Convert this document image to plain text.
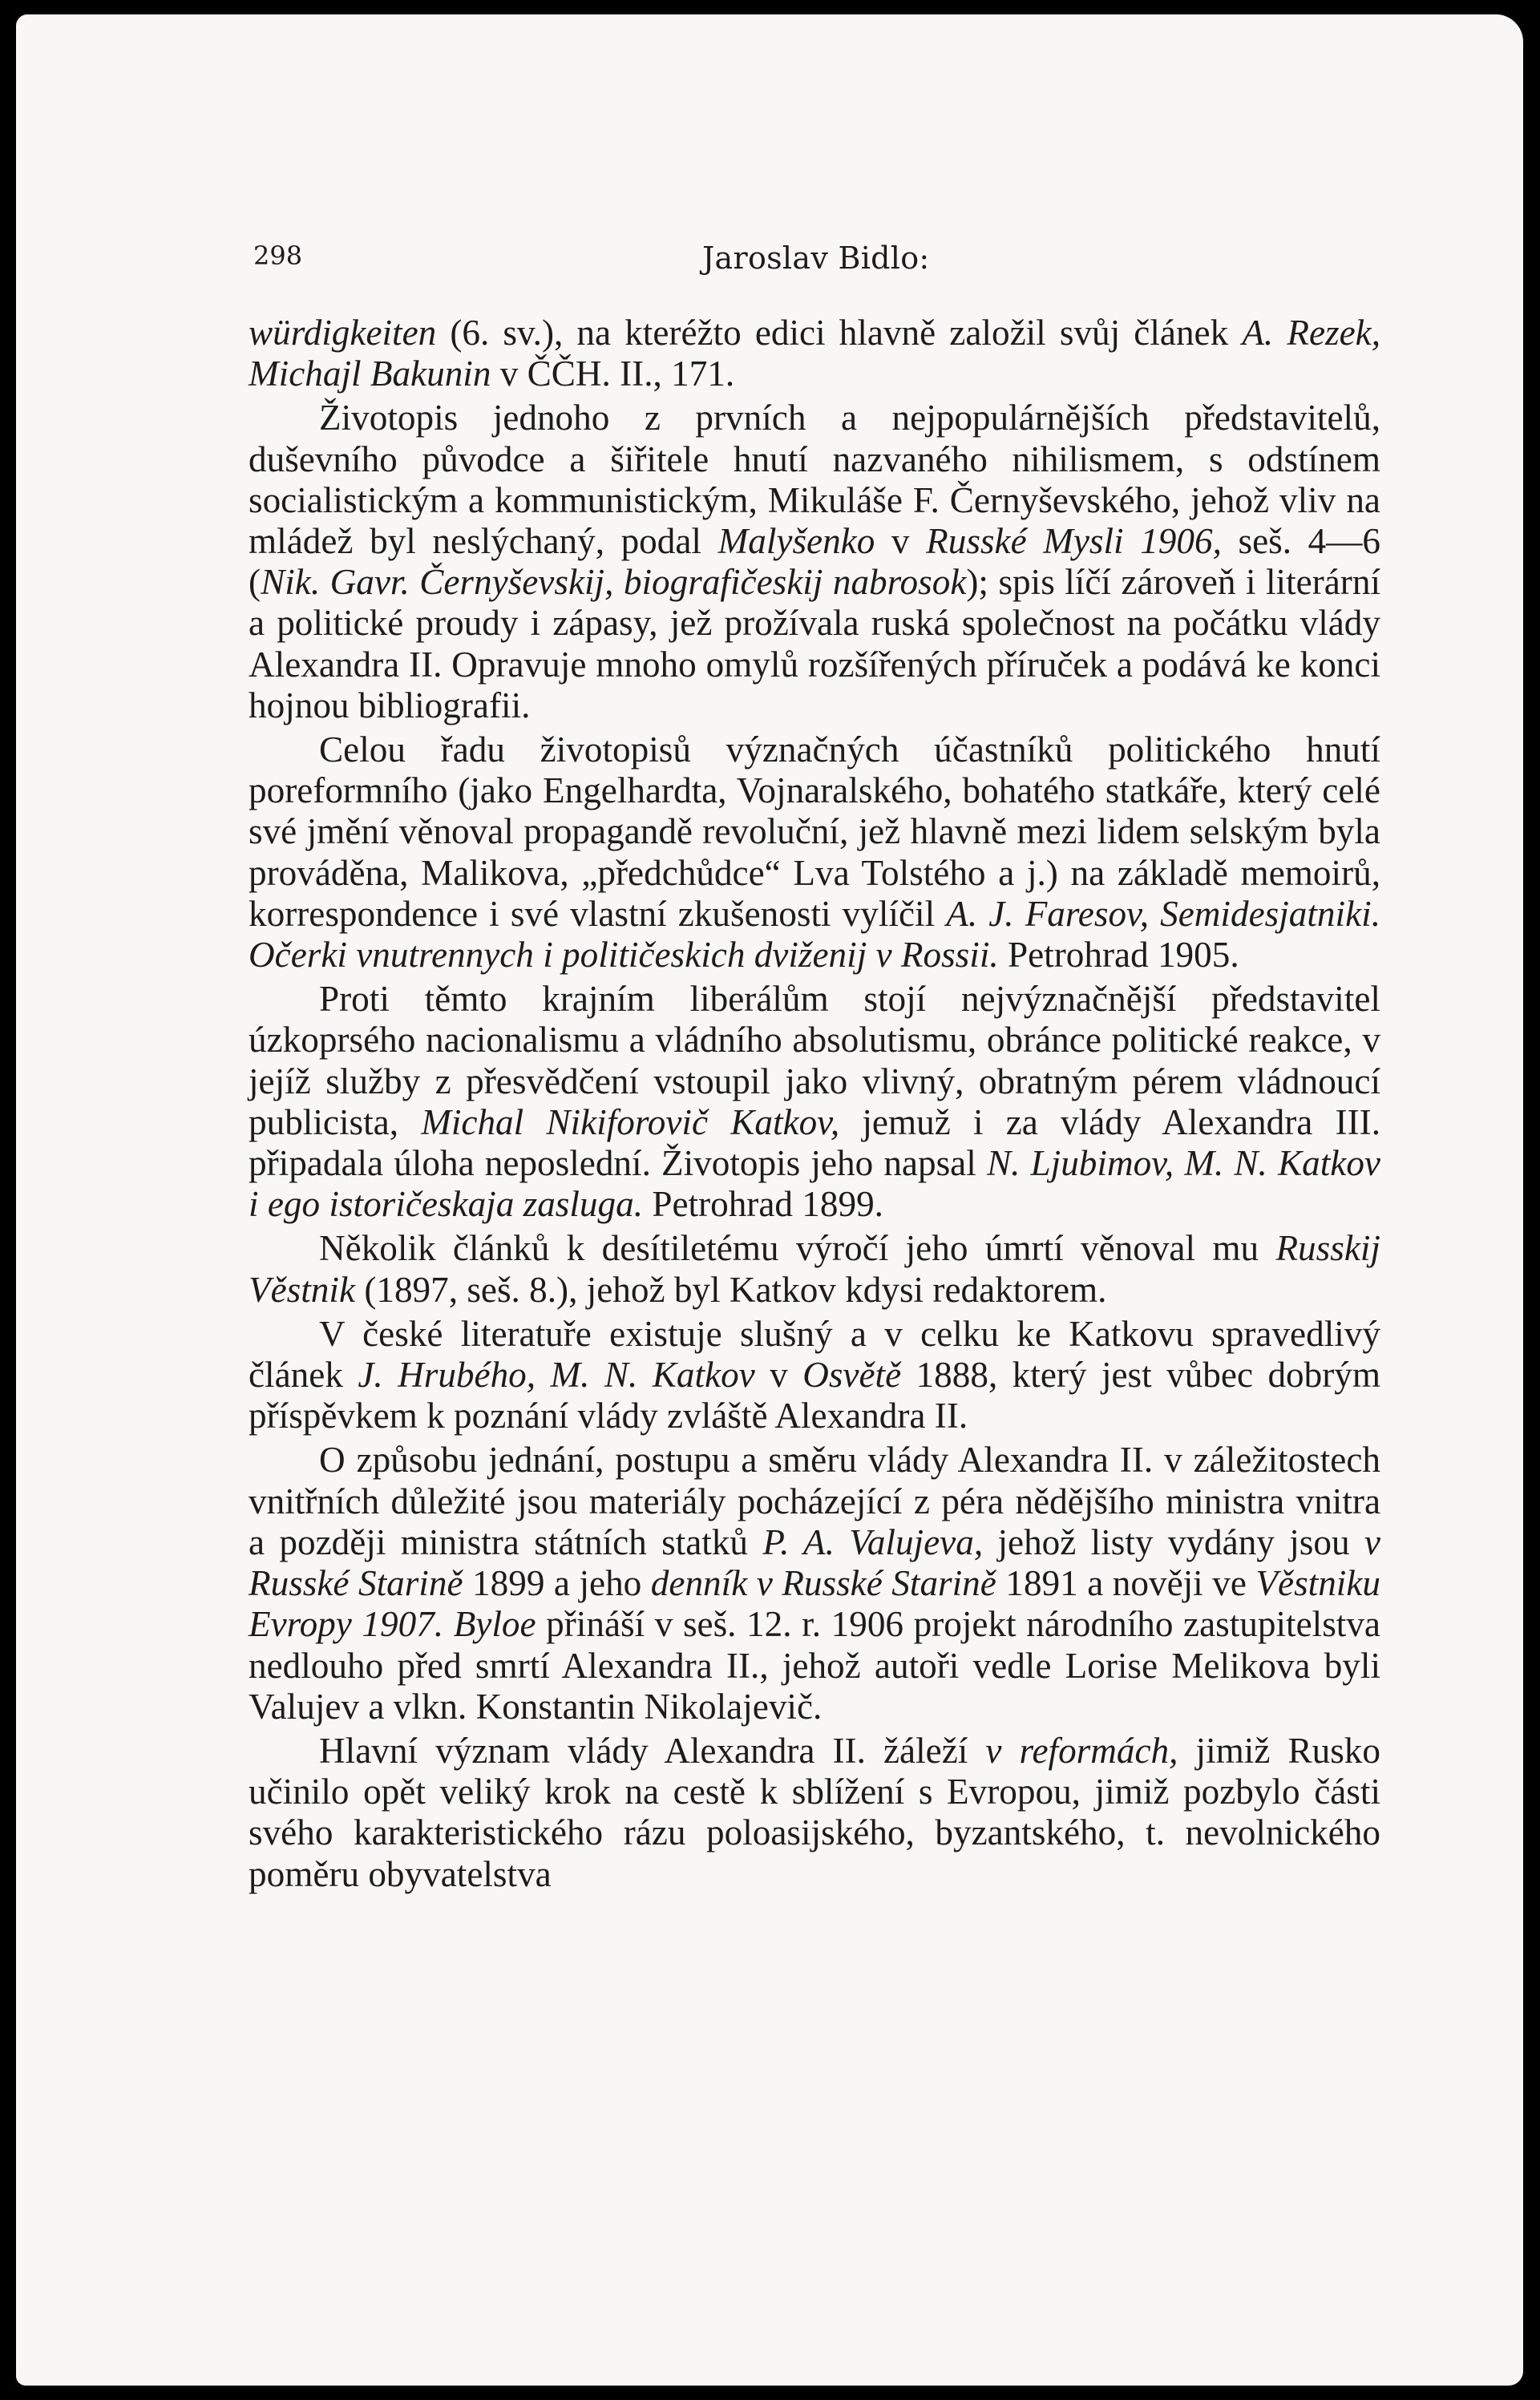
298	Jaroslav Bidlo:

würdigkeiten (6. sv.), na kteréžto edici hlavně založil svůj článek A. Rezek, Michajl Bakunin v ČČH. II., 171.

Životopis jednoho z prvních a nejpopulárnějších představitelů, duševního původce a šiřitele hnutí nazvaného nihilismem, s odstínem socialistickým a kommunistickým, Mikuláše F. Černyševského, jehož vliv na mládež byl neslýchaný, podal Malyšenko v Russké Mysli 1906, seš. 4—6 (Nik. Gavr. Černyševskij, biografičeskij nabrosok); spis líčí zároveň i literární a politické proudy i zápasy, jež prožívala ruská společnost na počátku vlády Alexandra II. Opravuje mnoho omylů rozšířených příruček a podává ke konci hojnou bibliografii.

Celou řadu životopisů význačných účastníků politického hnutí poreformního (jako Engelhardta, Vojnaralského, bohatého statkáře, který celé své jmění věnoval propagandě revoluční, jež hlavně mezi lidem selským byla prováděna, Malikova, „předchůdce“ Lva Tolstého a j.) na základě memoirů, korrespondence i své vlastní zkušenosti vylíčil A. J. Faresov, Semidesjatniki. Očerki vnutrennych i političeskich dviženij v Rossii. Petrohrad 1905.

Proti těmto krajním liberálům stojí nejvýznačnější představitel úzkoprsého nacionalismu a vládního absolutismu, obránce politické reakce, v jejíž služby z přesvědčení vstoupil jako vlivný, obratným pérem vládnoucí publicista, Michal Nikiforovič Katkov, jemuž i za vlády Alexandra III. připadala úloha neposlední. Životopis jeho napsal N. Ljubimov, M. N. Katkov i ego istoričeskaja zasluga. Petrohrad 1899.

Několik článků k desítiletému výročí jeho úmrtí věnoval mu Russkij Věstnik (1897, seš. 8.), jehož byl Katkov kdysi redaktorem.

V české literatuře existuje slušný a v celku ke Katkovu spravedlivý článek J. Hrubého, M. N. Katkov v Osvětě 1888, který jest vůbec dobrým příspěvkem k poznání vlády zvláště Alexandra II.

O způsobu jednání, postupu a směru vlády Alexandra II. v záležitostech vnitřních důležité jsou materiály pocházející z péra nědějšího ministra vnitra a později ministra státních statků P. A. Valujeva, jehož listy vydány jsou v Russké Starině 1899 a jeho denník v Russké Starině 1891 a nověji ve Věstniku Evropy 1907. Byloe přináší v seš. 12. r. 1906 projekt národního zastupitelstva nedlouho před smrtí Alexandra II., jehož autoři vedle Lorise Melikova byli Valujev a vlkn. Konstantin Nikolajevič.

Hlavní význam vlády Alexandra II. žáleží v reformách, jimiž Rusko učinilo opět veliký krok na cestě k sblížení s Evropou, jimiž pozbylo části svého karakteristického rázu poloasijského, byzantského, t. nevolnického poměru obyvatelstva
